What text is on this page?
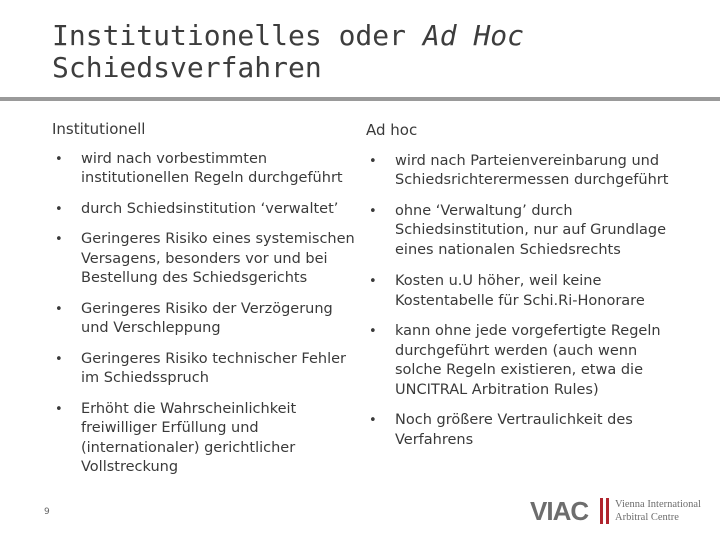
Institutionelles oder Ad Hoc
Schiedsverfahren
Institutionell
• wird nach vorbestimmten institutionellen Regeln durchgeführt
• durch Schiedsinstitution ‘verwaltet’
• Geringeres Risiko eines systemischen Versagens, besonders vor und bei Bestellung des Schiedsgerichts
• Geringeres Risiko der Verzögerung und Verschleppung
• Geringeres Risiko technischer Fehler im Schiedsspruch
• Erhöht die Wahrscheinlichkeit freiwilliger Erfüllung und (internationaler) gerichtlicher Vollstreckung
Ad hoc
• wird nach Parteienvereinbarung und Schiedsrichterermessen durchgeführt
• ohne ‘Verwaltung’ durch Schiedsinstitution, nur auf Grundlage eines nationalen Schiedsrechts
• Kosten u.U höher, weil keine Kostentabelle für Schi.Ri-Honorare
• kann ohne jede vorgefertigte Regeln durchgeführt werden (auch wenn solche Regeln existieren, etwa die UNCITRAL Arbitration Rules)
• Noch größere Vertraulichkeit des Verfahrens
9	VIAC	Vienna International
Arbitral Centre
